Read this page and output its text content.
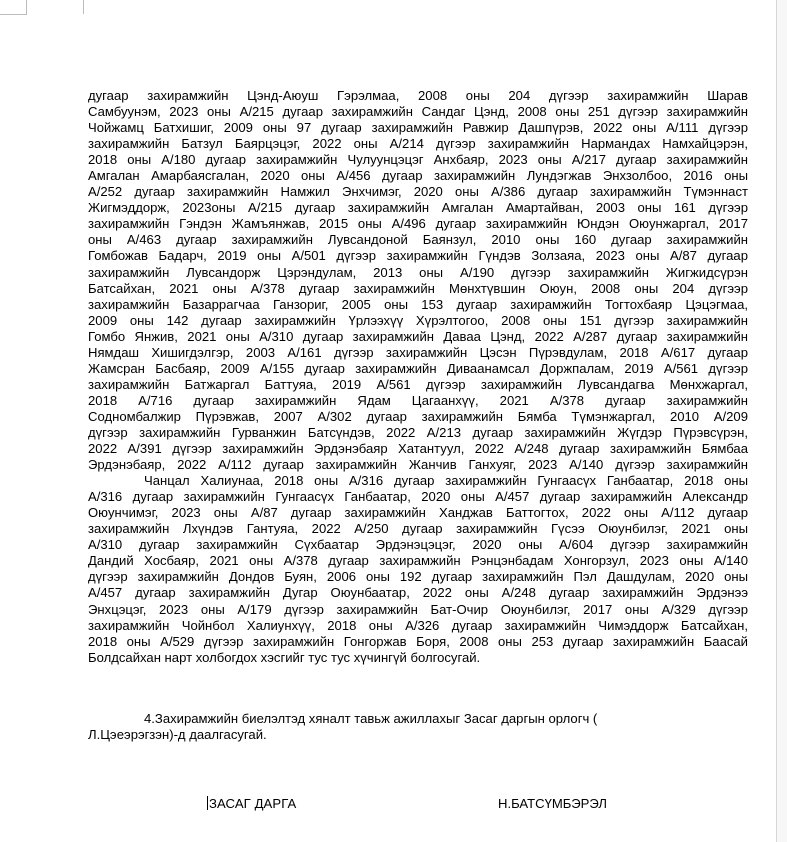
дугаар захирамжийн Цэнд-Аюуш Гэрэлмаа, 2008 оны 204 дүгээр захирамжийн Шарав
Самбуунэм, 2023 оны А/215 дугаар захирамжийн Сандаг Цэнд, 2008 оны 251 дүгээр захирамжийн
Чойжамц Батхишиг, 2009 оны 97 дугаар захирамжийн Равжир Дашпүрэв, 2022 оны А/111 дүгээр
захирамжийн Батзул Баярцэцэг, 2022 оны А/214 дүгээр захирамжийн Нармандах Намхайцэрэн,
2018 оны А/180 дугаар захирамжийн Чулуунцэцэг Анхбаяр, 2023 оны А/217 дугаар захирамжийн
Амгалан Амарбаясгалан, 2020 оны А/456 дугаар захирамжийн Лундэгжав Энхзолбоо, 2016 оны
А/252 дугаар захирамжийн Намжил Энхчимэг, 2020 оны А/386 дугаар захирамжийн Түмэннаст
Жигмэддорж, 2023оны А/215 дугаар захирамжийн Амгалан Амартайван, 2003 оны 161 дүгээр
захирамжийн Гэндэн Жамъянжав, 2015 оны А/496 дугаар захирамжийн Юндэн Оюунжаргал, 2017
оны А/463 дугаар захирамжийн Лувсандоной Баянзул, 2010 оны 160 дугаар захирамжийн
Гомбожав Бадарч, 2019 оны А/501 дүгээр захирамжийн Гүндэв Золзаяа, 2023 оны А/87 дугаар
захирамжийн Лувсандорж Цэрэндулам, 2013 оны А/190 дүгээр захирамжийн Жигжидсүрэн
Батсайхан, 2021 оны А/378 дугаар захирамжийн Мөнхтүвшин Оюун, 2008 оны 204 дүгээр
захирамжийн Базаррагчаа Ганзориг, 2005 оны 153 дугаар захирамжийн Тогтохбаяр Цэцэгмаа,
2009 оны 142 дугаар захирамжийн Үрлээхүү Хүрэлтогоо, 2008 оны 151 дүгээр захирамжийн
Гомбо Янжив, 2021 оны А/310 дугаар захирамжийн Даваа Цэнд, 2022 А/287 дугаар захирамжийн
Нямдаш Хишигдэлгэр, 2003 А/161 дүгээр захирамжийн Цэсэн Пүрэвдулам, 2018 А/617 дугаар
Жамсран Басбаяр, 2009 А/155 дугаар захирамжийн Диваанамсал Доржпалам, 2019 А/561 дүгээр
захирамжийн Батжаргал Баттуяа, 2019 А/561 дүгээр захирамжийн Лувсандагва Мөнхжаргал,
2018 А/716 дугаар захирамжийн Ядам Цагаанхүү, 2021 А/378 дугаар захирамжийн
Содномбалжир Пүрэвжав, 2007 А/302 дугаар захирамжийн Бямба Түмэнжаргал, 2010 А/209
дүгээр захирамжийн Гурванжин Батсүндэв, 2022 А/213 дугаар захирамжийн Жүгдэр Пүрэвсүрэн,
2022 А/391 дүгээр захирамжийн Эрдэнэбаяр Хатантуул, 2022 А/248 дугаар захирамжийн Бямбаа
Эрдэнэбаяр, 2022 А/112 дугаар захирамжийн Жанчив Ганхуяг, 2023 А/140 дүгээр захирамжийн
Чанцал Халиунаа, 2018 оны А/316 дугаар захирамжийн Гунгаасүх Ганбаатар, 2018 оны
А/316 дугаар захирамжийн Гунгаасүх Ганбаатар, 2020 оны А/457 дугаар захирамжийн Александр
Оюунчимэг, 2023 оны А/87 дугаар захирамжийн Ханджав Баттогтох, 2022 оны А/112 дугаар
захирамжийн Лхүндэв Гантуяа, 2022 А/250 дугаар захирамжийн Гүсээ Оюунбилэг, 2021 оны
А/310 дугаар захирамжийн Сүхбаатар Эрдэнэцэцэг, 2020 оны А/604 дүгээр захирамжийн
Дандий Хосбаяр, 2021 оны А/378 дугаар захирамжийн Рэнцэнбадам Хонгорзул, 2023 оны А/140
дүгээр захирамжийн Дондов Буян, 2006 оны 192 дугаар захирамжийн Пэл Дашдулам, 2020 оны
А/457 дугаар захирамжийн Дугар Оюунбаатар, 2022 оны А/248 дугаар захирамжийн Эрдэнээ
Энхцэцэг, 2023 оны А/179 дүгээр захирамжийн Бат-Очир Оюунбилэг, 2017 оны А/329 дүгээр
захирамжийн Чойнбол Халиунхүү, 2018 оны А/326 дугаар захирамжийн Чимэддорж Батсайхан,
2018 оны А/529 дүгээр захирамжийн Гонгоржав Боря, 2008 оны 253 дугаар захирамжийн Баасай
Болдсайхан нарт холбогдох хэсгийг тус тус хүчингүй болгосугай.

4.Захирамжийн биелэлтэд хяналт тавьж ажиллахыг Засаг даргын орлогч (
Л.Цэеэрэгзэн)-д даалгасугай.
ЗАСАГ ДАРГА	Н.БАТСҮМБЭРЭЛ
